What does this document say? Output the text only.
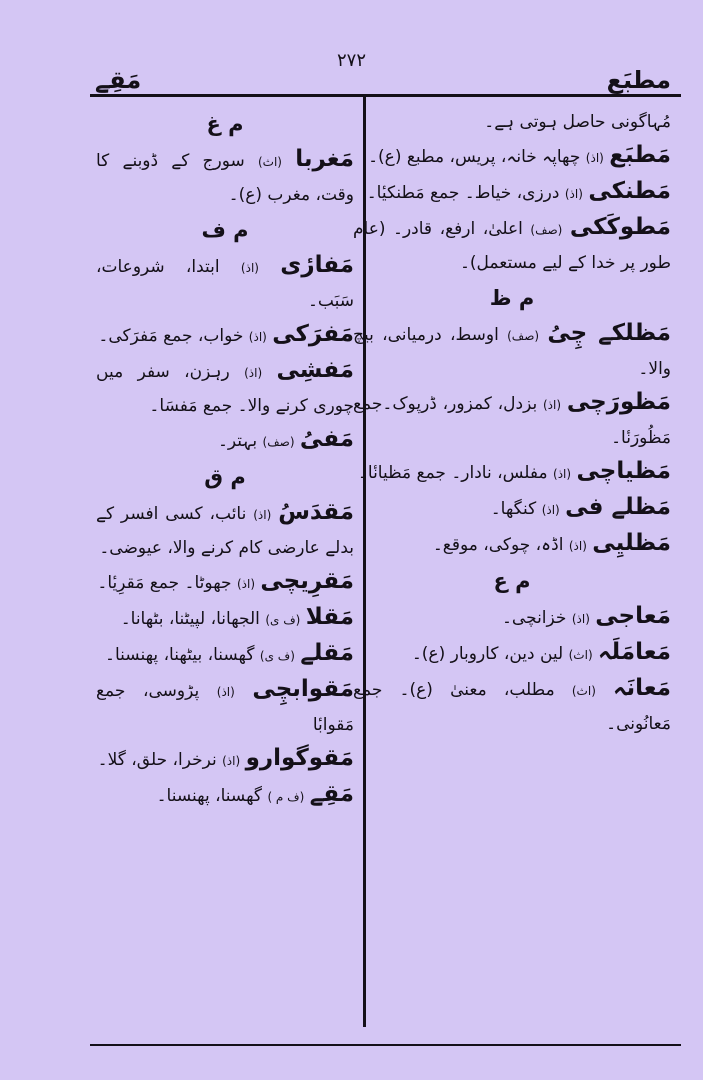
۲۷۲
مطبَع
مَقِے

مُہاگونی حاصل ہوتی ہے۔

مَطبَع (اذ) چھاپہ خانہ، پریس، مطبع (ع)۔

مَطنکی (اذ) درزی، خیاط۔ جمع مَطنکیٔا۔

مَطوکَکی (صف) اعلیٰ، ارفع، قادر۔ (عام طور پر خدا کے لیے مستعمل)۔

م ظ

مَظلکے چِیُ (صف) اوسط، درمیانی، بیچ والا۔

مَظورَچی (اذ) بزدل، کمزور، ڈرپوک۔جمع مَظُورَنٔا۔

مَظیاچی (اذ) مفلس، نادار۔ جمع مَظیانٔا۔

مَظلے فی (اذ) کنگھا۔

مَظلیِی (اذ) اڈہ، چوکی، موقع۔

م ع

مَعاجی (اذ) خزانچی۔

مَعامَلَہ (اث) لین دین، کاروبار (ع)۔

مَعانَہ (اث) مطلب، معنیٰ (ع)۔ جمع مَعانُونی۔

م غ

مَغربا (اث) سورج کے ڈوبنے کا وقت، مغرب (ع)۔

م ف

مَفارٔی (اذ) ابتدا، شروعات، سَبَب۔

مَفرَکی (اذ) خواب، جمع مَفرَکی۔

مَفشِی (اذ) رہزن، سفر میں چوری کرنے والا۔ جمع مَفسَا۔

مَفیُ (صف) بہتر۔

م ق

مَقدَسُ (اذ) نائب، کسی افسر کے بدلے عارضی کام کرنے والا، عیوضی۔

مَقرِیچی (اذ) جھوٹا۔ جمع مَقرِیٔا۔

مَقلا (ف ی) الجھانا، لپیٹنا، بٹھانا۔

مَقلے (ف ی) گھسنا، بیٹھنا، پھنسنا۔

مَقوابچِی (اذ) پڑوسی، جمع مَقوابٔا

مَقوگوارو (اذ) نرخرا، حلق، گلا۔

مَقِے (ف م ) گھسنا، پھنسنا۔
